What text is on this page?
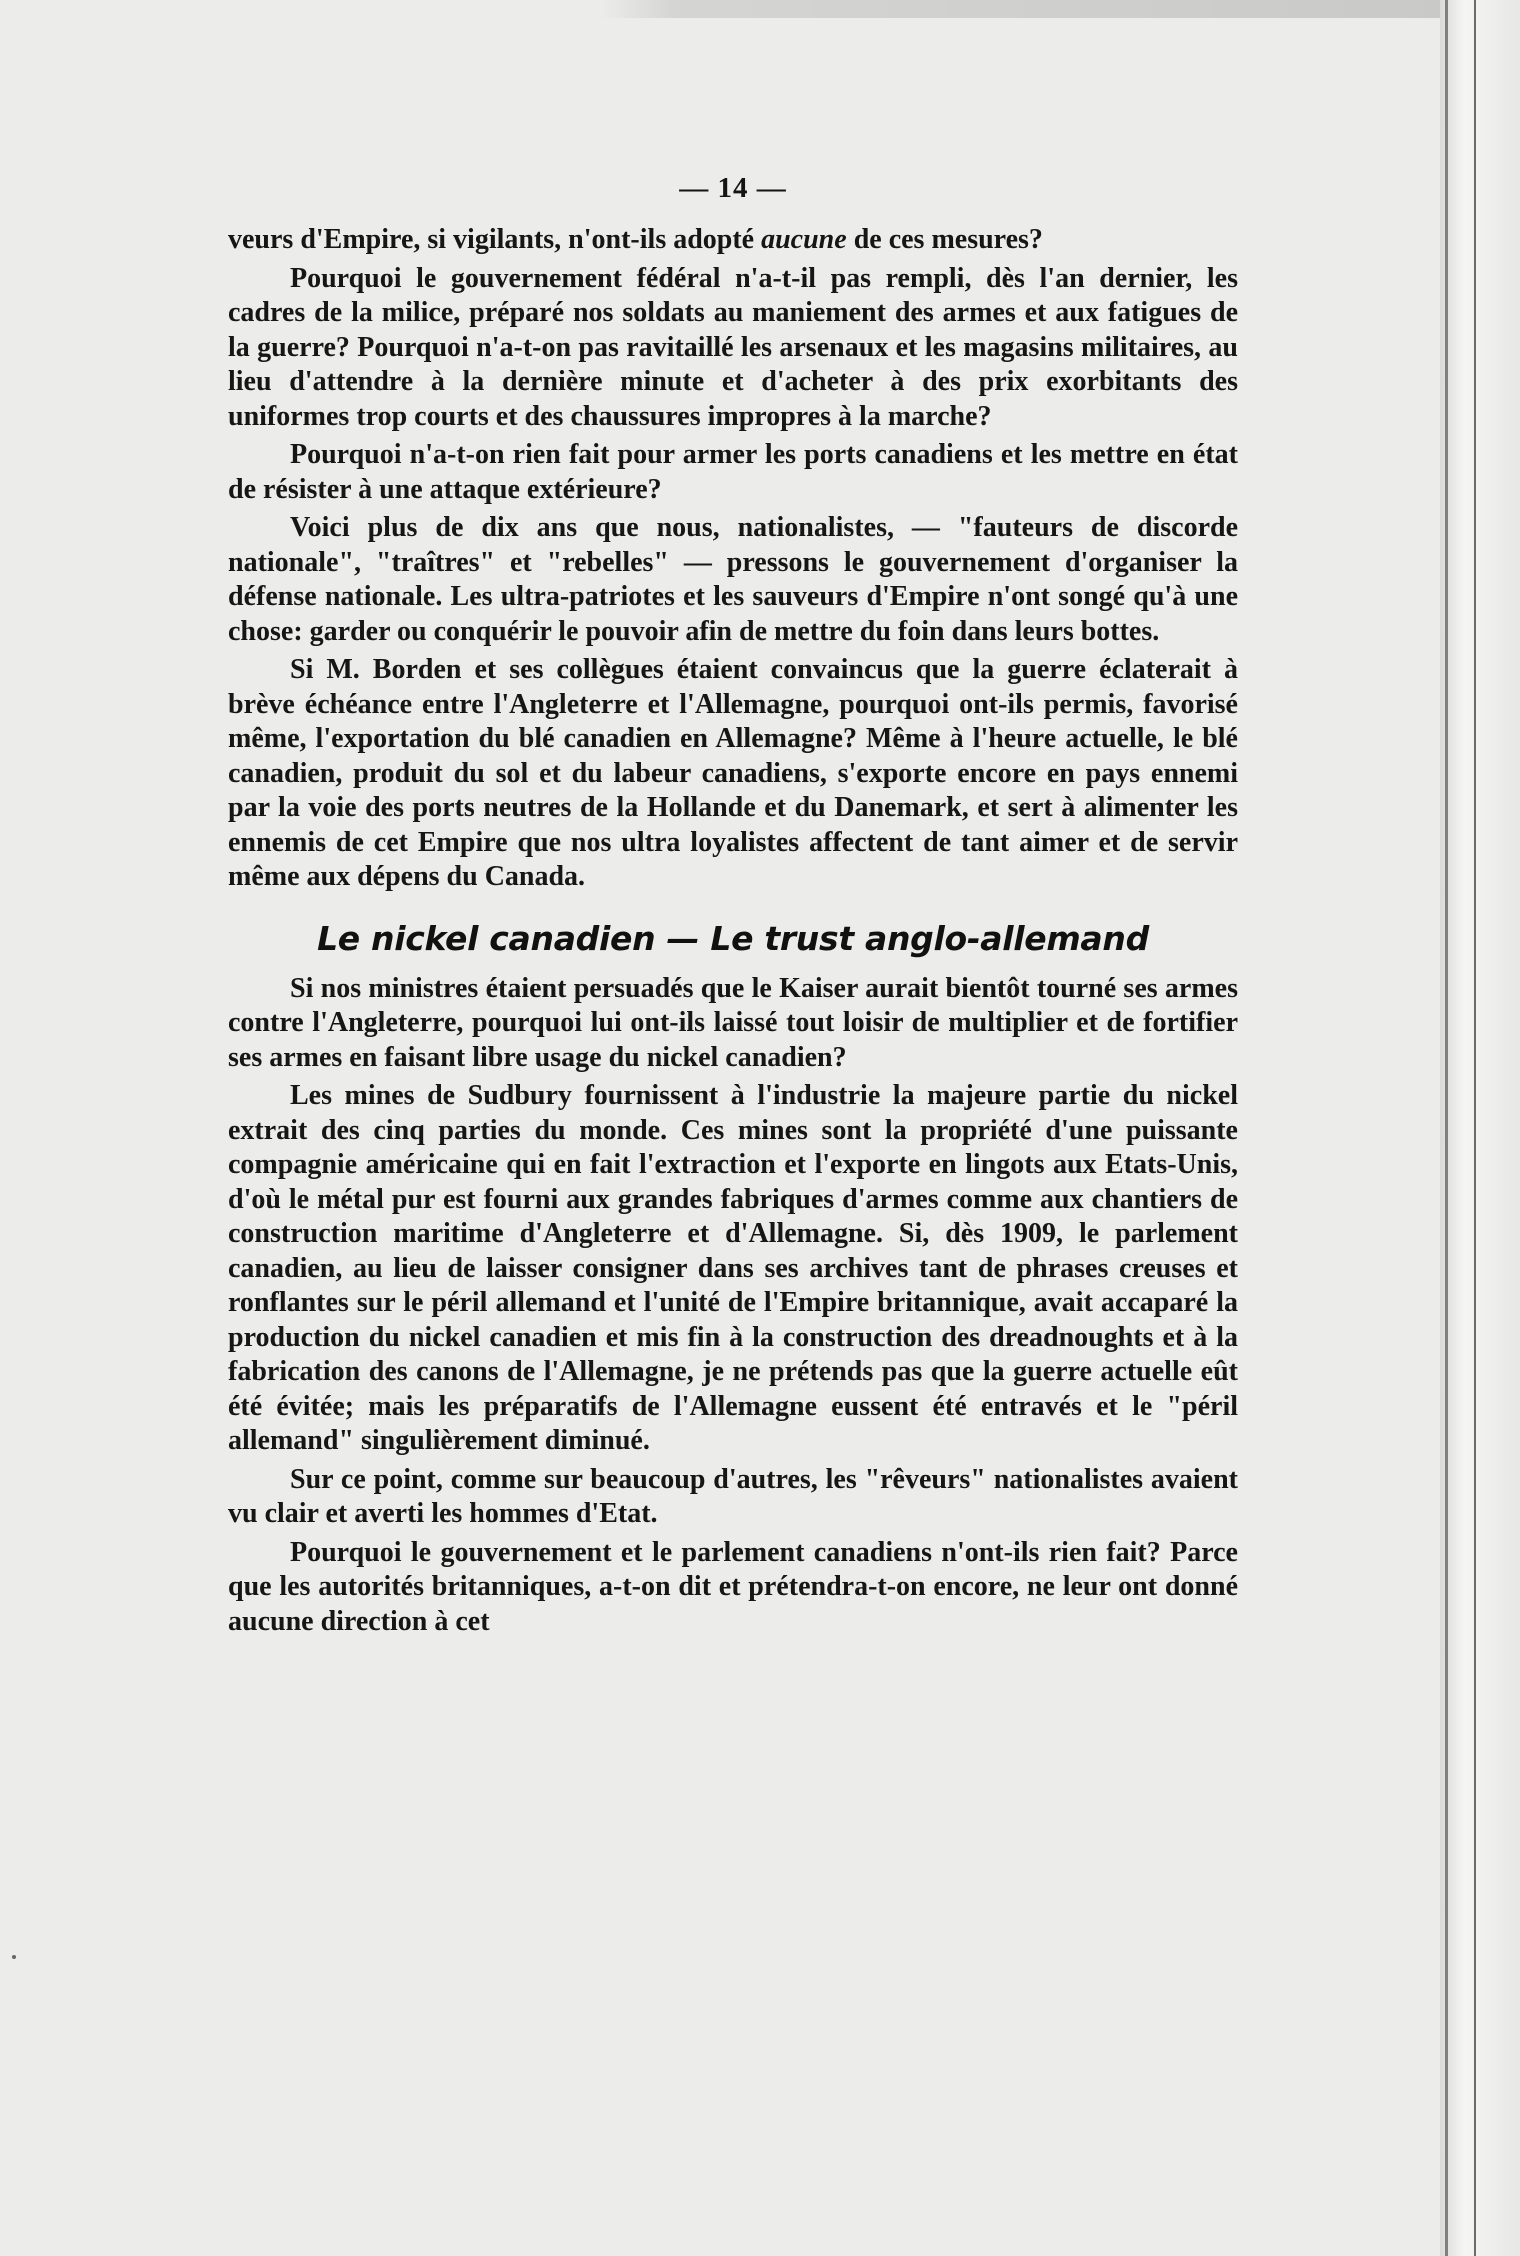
— 14 —

veurs d'Empire, si vigilants, n'ont-ils adopté aucune de ces mesures?

Pourquoi le gouvernement fédéral n'a-t-il pas rempli, dès l'an dernier, les cadres de la milice, préparé nos soldats au maniement des armes et aux fatigues de la guerre? Pourquoi n'a-t-on pas ravitaillé les arsenaux et les magasins militaires, au lieu d'attendre à la dernière minute et d'acheter à des prix exorbitants des uniformes trop courts et des chaussures impropres à la marche?

Pourquoi n'a-t-on rien fait pour armer les ports canadiens et les mettre en état de résister à une attaque extérieure?

Voici plus de dix ans que nous, nationalistes, — "fauteurs de discorde nationale", "traîtres" et "rebelles" — pressons le gouvernement d'organiser la défense nationale. Les ultra-patriotes et les sauveurs d'Empire n'ont songé qu'à une chose: garder ou conquérir le pouvoir afin de mettre du foin dans leurs bottes.

Si M. Borden et ses collègues étaient convaincus que la guerre éclaterait à brève échéance entre l'Angleterre et l'Allemagne, pourquoi ont-ils permis, favorisé même, l'exportation du blé canadien en Allemagne? Même à l'heure actuelle, le blé canadien, produit du sol et du labeur canadiens, s'exporte encore en pays ennemi par la voie des ports neutres de la Hollande et du Danemark, et sert à alimenter les ennemis de cet Empire que nos ultra loyalistes affectent de tant aimer et de servir même aux dépens du Canada.

Le nickel canadien — Le trust anglo-allemand

Si nos ministres étaient persuadés que le Kaiser aurait bientôt tourné ses armes contre l'Angleterre, pourquoi lui ont-ils laissé tout loisir de multiplier et de fortifier ses armes en faisant libre usage du nickel canadien?

Les mines de Sudbury fournissent à l'industrie la majeure partie du nickel extrait des cinq parties du monde. Ces mines sont la propriété d'une puissante compagnie américaine qui en fait l'extraction et l'exporte en lingots aux Etats-Unis, d'où le métal pur est fourni aux grandes fabriques d'armes comme aux chantiers de construction maritime d'Angleterre et d'Allemagne. Si, dès 1909, le parlement canadien, au lieu de laisser consigner dans ses archives tant de phrases creuses et ronflantes sur le péril allemand et l'unité de l'Empire britannique, avait accaparé la production du nickel canadien et mis fin à la construction des dreadnoughts et à la fabrication des canons de l'Allemagne, je ne prétends pas que la guerre actuelle eût été évitée; mais les préparatifs de l'Allemagne eussent été entravés et le "péril allemand" singulièrement diminué.

Sur ce point, comme sur beaucoup d'autres, les "rêveurs" nationalistes avaient vu clair et averti les hommes d'Etat.

Pourquoi le gouvernement et le parlement canadiens n'ont-ils rien fait? Parce que les autorités britanniques, a-t-on dit et prétendra-t-on encore, ne leur ont donné aucune direction à cet
